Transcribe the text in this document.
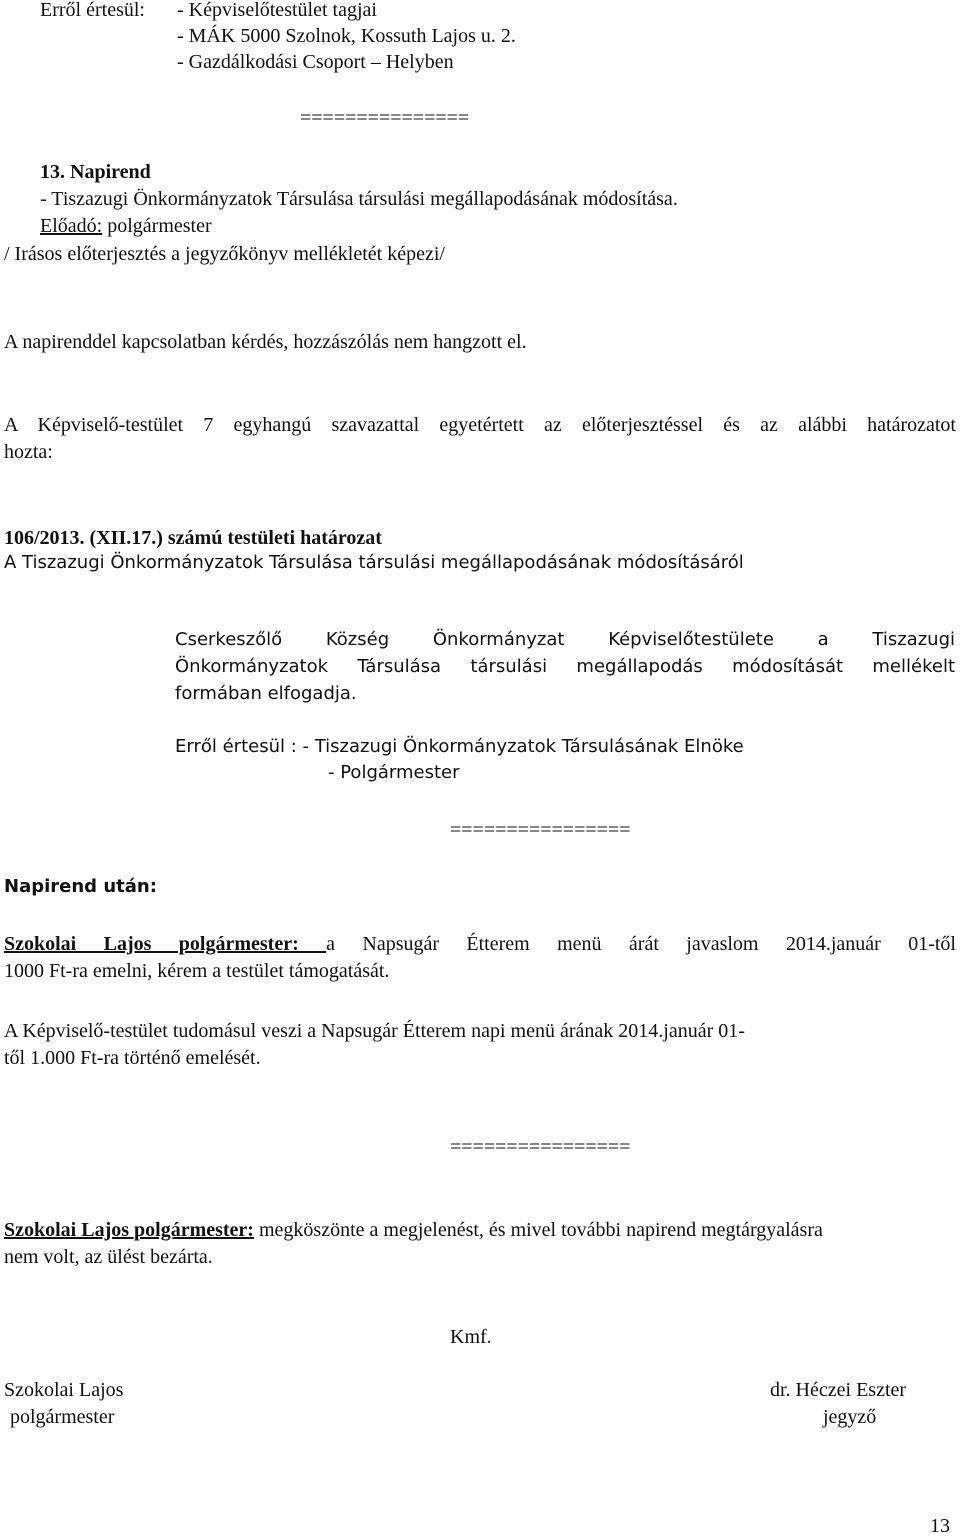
Erről értesül: - Képviselőtestület tagjai
- MÁK 5000 Szolnok, Kossuth Lajos u. 2.
- Gazdálkodási Csoport – Helyben
===============
13. Napirend
- Tiszazugi Önkormányzatok Társulása társulási megállapodásának módosítása.
Előadó: polgármester
/ Irásos előterjesztés a jegyzőkönyv mellékletét képezi/
A napirenddel kapcsolatban kérdés, hozzászólás nem hangzott el.
A Képviselő-testület 7 egyhangú szavazattal egyetértett az előterjesztéssel és az alábbi határozatot
hozta:
106/2013. (XII.17.) számú testületi határozat
A Tiszazugi Önkormányzatok Társulása társulási megállapodásának módosításáról
Cserkeszőlő Község Önkormányzat Képviselőtestülete a Tiszazugi
Önkormányzatok Társulása társulási megállapodás módosítását mellékelt
formában elfogadja.
Erről értesül : - Tiszazugi Önkormányzatok Társulásának Elnöke
- Polgármester
================
Napirend után:
Szokolai Lajos polgármester: a Napsugár Étterem menü árát javaslom 2014.január 01-től
1000 Ft-ra emelni, kérem a testület támogatását.
A Képviselő-testület tudomásul veszi a Napsugár Étterem napi menü árának 2014.január 01-
től 1.000 Ft-ra történő emelését.
================
Szokolai Lajos polgármester: megköszönte a megjelenést, és mivel további napirend megtárgyalásra
nem volt, az ülést bezárta.
Kmf.
Szokolai Lajos
polgármester
dr. Héczei Eszter
jegyző
13
